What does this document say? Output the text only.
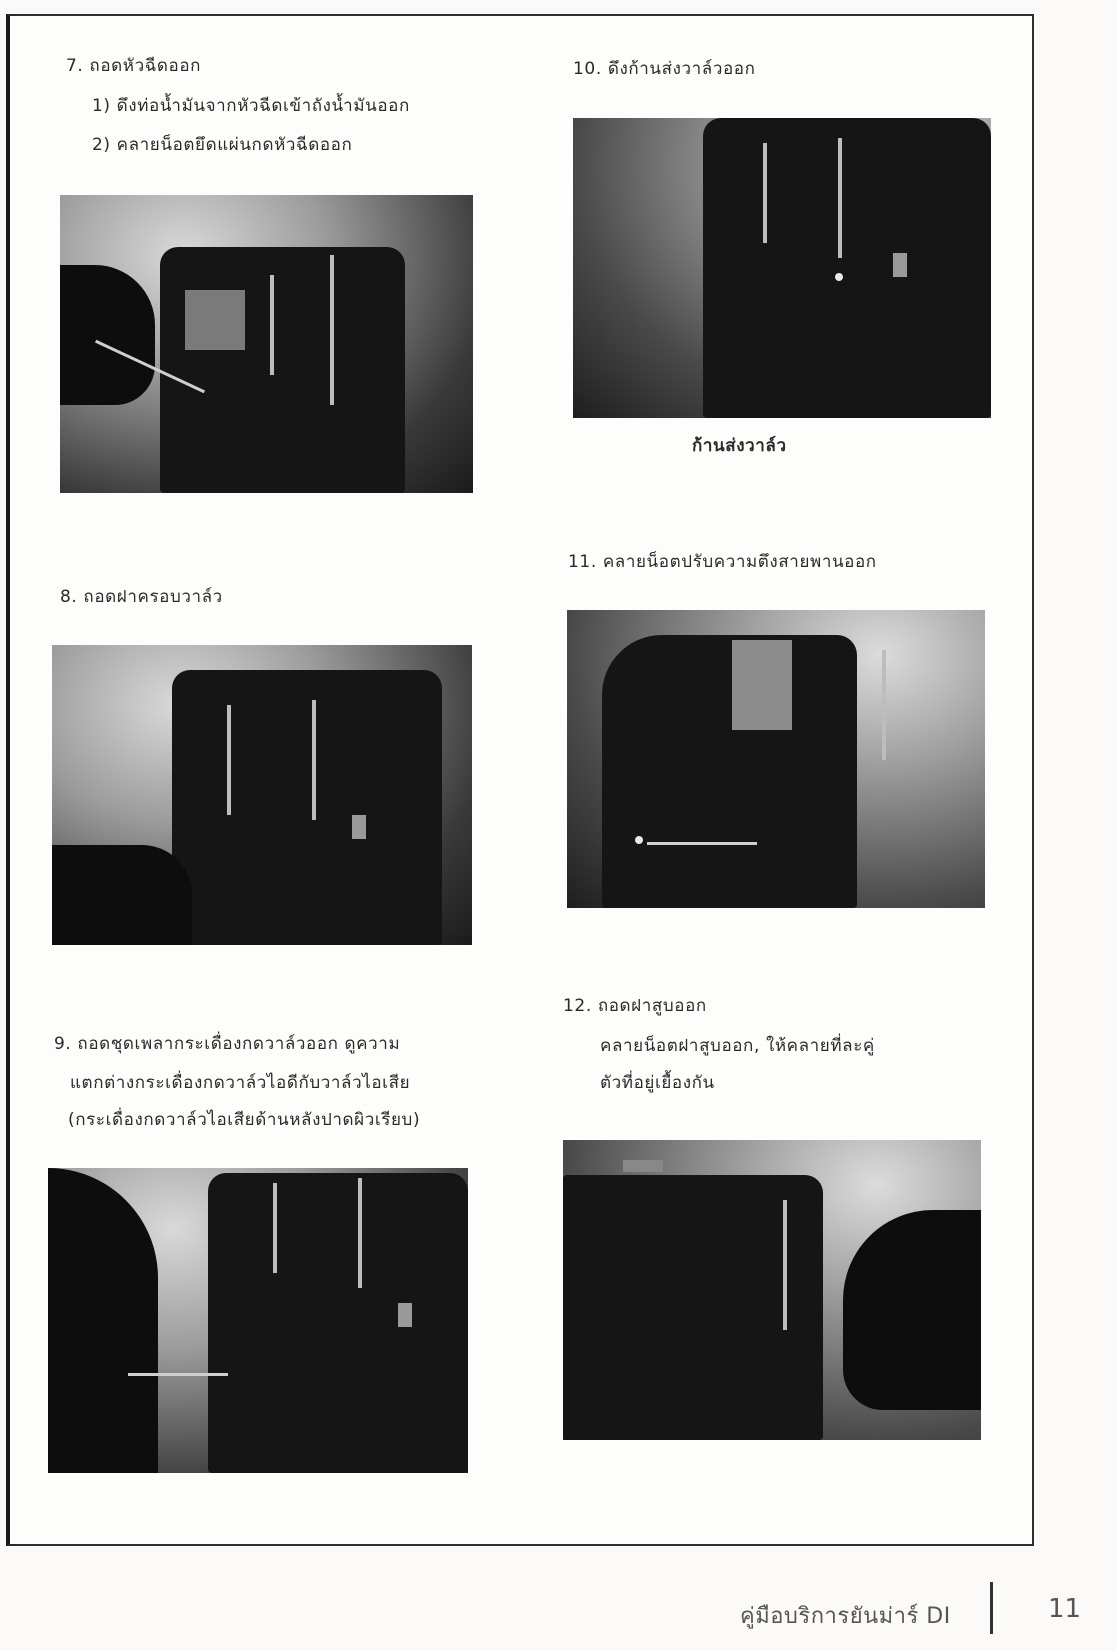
7. ถอดหัวฉีดออก
1) ดึงท่อน้ำมันจากหัวฉีดเข้าถังน้ำมันออก
2) คลายน็อตยึดแผ่นกดหัวฉีดออก
8. ถอดฝาครอบวาล์ว
9. ถอดชุดเพลากระเดื่องกดวาล์วออก ดูความ
แตกต่างกระเดื่องกดวาล์วไอดีกับวาล์วไอเสีย
(กระเดื่องกดวาล์วไอเสียด้านหลังปาดผิวเรียบ)
10. ดึงก้านส่งวาล์วออก
ก้านส่งวาล์ว
11. คลายน็อตปรับความตึงสายพานออก
12. ถอดฝาสูบออก
คลายน็อตฝาสูบออก, ให้คลายที่ละคู่
ตัวที่อยู่เยื้องกัน
คู่มือบริการยันม่าร์ DI	11
